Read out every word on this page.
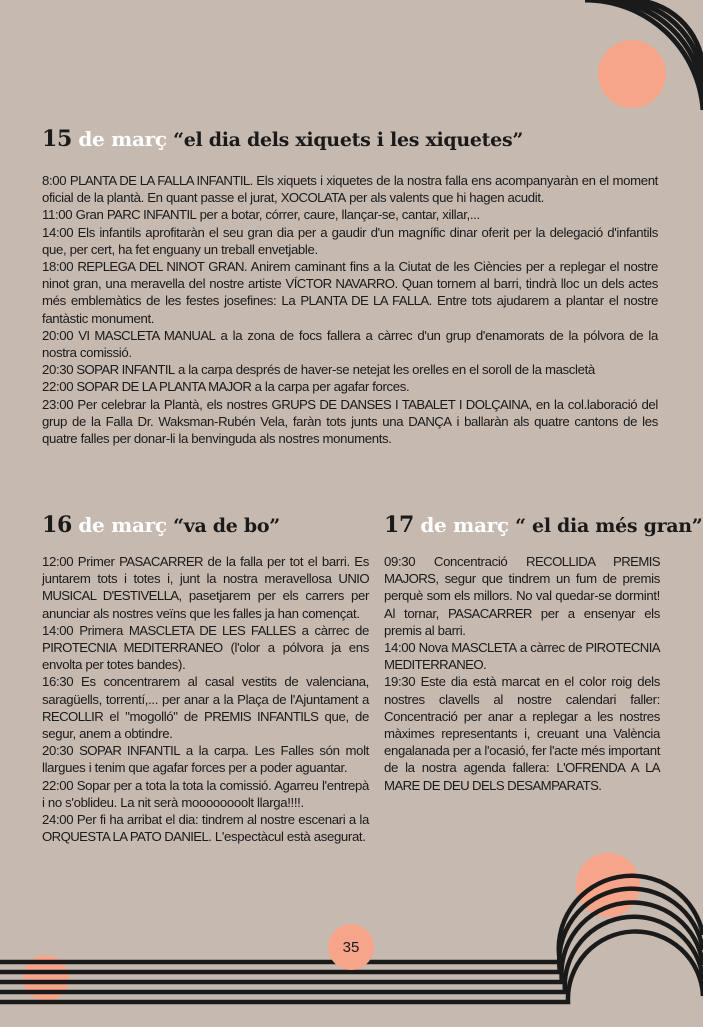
15 de març “el dia dels xiquets i les xiquetes”

8:00 PLANTA DE LA FALLA INFANTIL. Els xiquets i xiquetes de la nostra falla ens acompanyaràn en el moment oficial de la plantà. En quant passe el jurat, XOCOLATA per als valents que hi hagen acudit.

11:00 Gran PARC INFANTIL per a botar, córrer, caure, llançar-se, cantar, xillar,...

14:00 Els infantils aprofitaràn el seu gran dia per a gaudir d'un magnífic dinar oferit per la delegació d'infantils que, per cert, ha fet enguany un treball envetjable.

18:00 REPLEGA DEL NINOT GRAN. Anirem caminant fins a la Ciutat de les Ciències per a replegar el nostre ninot gran, una meravella del nostre artiste VÍCTOR NAVARRO. Quan tornem al barri, tindrà lloc un dels actes més emblemàtics de les festes josefines: La PLANTA DE LA FALLA. Entre tots ajudarem a plantar el nostre fantàstic monument.

20:00 VI MASCLETA MANUAL a la zona de focs fallera a càrrec d'un grup d'enamorats de la pólvora de la nostra comissió.

20:30 SOPAR INFANTIL a la carpa després de haver-se netejat les orelles en el soroll de la mascletà

22:00 SOPAR DE LA PLANTA MAJOR a la carpa per agafar forces.

23:00 Per celebrar la Plantà, els nostres GRUPS DE DANSES I TABALET I DOLÇAINA, en la col.laboració del grup de la Falla Dr. Waksman-Rubén Vela, faràn tots junts una DANÇA i ballaràn als quatre cantons de les quatre falles per donar-li la benvinguda als nostres monuments.

16 de març “va de bo”

12:00 Primer PASACARRER de la falla per tot el barri. Es juntarem tots i totes i, junt la nostra meravellosa UNIO MUSICAL D'ESTIVELLA, pasetjarem per els carrers per anunciar als nostres veïns que les falles ja han començat.

14:00 Primera MASCLETA DE LES FALLES a càrrec de PIROTECNIA MEDITERRANEO (l'olor a pólvora ja ens envolta per totes bandes).

16:30 Es concentrarem al casal vestits de valenciana, saragüells, torrentí,... per anar a la Plaça de l'Ajuntament a RECOLLIR el "mogolló" de PREMIS INFANTILS que, de segur, anem a obtindre.

20:30 SOPAR INFANTIL a la carpa. Les Falles són molt llargues i tenim que agafar forces per a poder aguantar.

22:00 Sopar per a tota la tota la comissió. Agarreu l'entrepà i no s'oblideu. La nit serà moooooooolt llarga!!!!.

24:00 Per fi ha arribat el dia: tindrem al nostre escenari a la ORQUESTA LA PATO DANIEL. L'espectàcul està asegurat.

17 de març “ el dia més gran”

09:30 Concentració RECOLLIDA PREMIS MAJORS, segur que tindrem un fum de premis perquè som els millors. No val quedar-se dormint! Al tornar, PASACARRER per a ensenyar els premis al barri.

14:00 Nova MASCLETA a càrrec de PIROTECNIA MEDITERRANEO.

19:30 Este dia està marcat en el color roig dels nostres clavells al nostre calendari faller: Concentració per anar a replegar a les nostres màximes representants i, creuant una València engalanada per a l'ocasió, fer l'acte més important de la nostra agenda fallera: L'OFRENDA A LA MARE DE DEU DELS DESAMPARATS.

35
